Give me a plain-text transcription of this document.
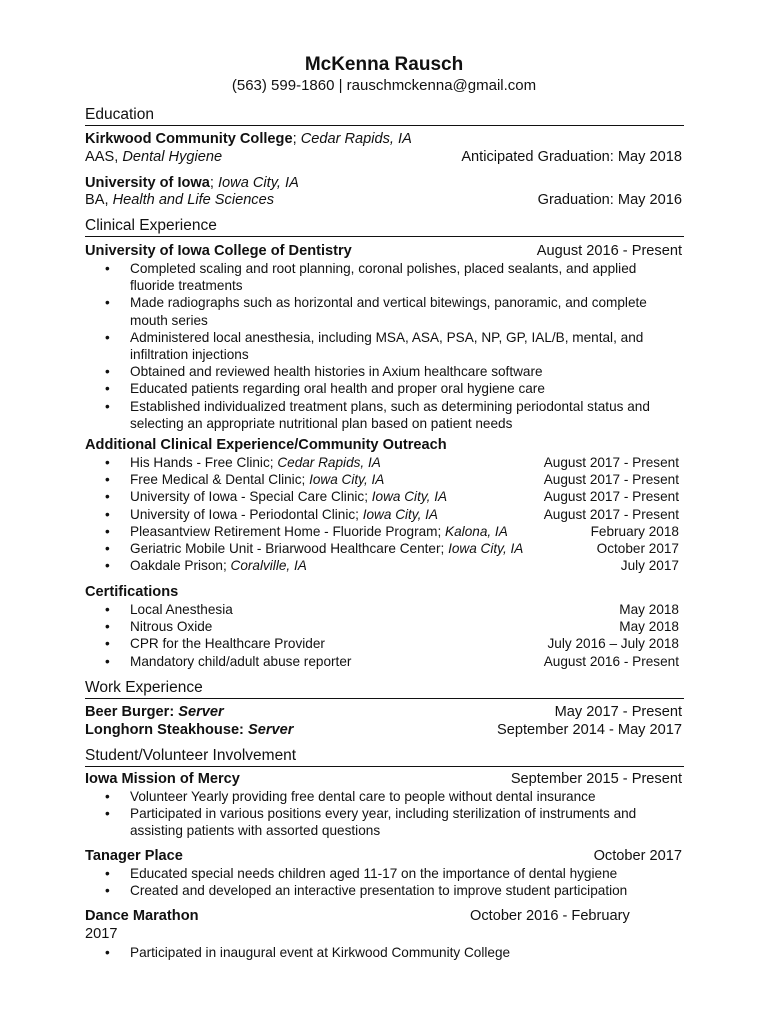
McKenna Rausch
(563) 599-1860 | rauschmckenna@gmail.com
Education
Kirkwood Community College; Cedar Rapids, IA
AAS, Dental Hygiene	Anticipated Graduation: May 2018
University of Iowa; Iowa City, IA
BA, Health and Life Sciences	Graduation: May 2016
Clinical Experience
University of Iowa College of Dentistry	August 2016 - Present
• Completed scaling and root planning, coronal polishes, placed sealants, and applied fluoride treatments
• Made radiographs such as horizontal and vertical bitewings, panoramic, and complete mouth series
• Administered local anesthesia, including MSA, ASA, PSA, NP, GP, IAL/B, mental, and infiltration injections
• Obtained and reviewed health histories in Axium healthcare software
• Educated patients regarding oral health and proper oral hygiene care
• Established individualized treatment plans, such as determining periodontal status and selecting an appropriate nutritional plan based on patient needs
Additional Clinical Experience/Community Outreach
• His Hands - Free Clinic; Cedar Rapids, IA	August 2017 - Present
• Free Medical & Dental Clinic; Iowa City, IA	August 2017 - Present
• University of Iowa - Special Care Clinic; Iowa City, IA	August 2017 - Present
• University of Iowa - Periodontal Clinic; Iowa City, IA	August 2017 - Present
• Pleasantview Retirement Home - Fluoride Program; Kalona, IA	February 2018
• Geriatric Mobile Unit - Briarwood Healthcare Center; Iowa City, IA	October 2017
• Oakdale Prison; Coralville, IA	July 2017
Certifications
• Local Anesthesia	May 2018
• Nitrous Oxide	May 2018
• CPR for the Healthcare Provider	July 2016 – July 2018
• Mandatory child/adult abuse reporter	August 2016 - Present
Work Experience
Beer Burger: Server	May 2017 - Present
Longhorn Steakhouse: Server	September 2014 - May 2017
Student/Volunteer Involvement
Iowa Mission of Mercy	September 2015 - Present
• Volunteer Yearly providing free dental care to people without dental insurance
• Participated in various positions every year, including sterilization of instruments and assisting patients with assorted questions
Tanager Place	October 2017
• Educated special needs children aged 11-17 on the importance of dental hygiene
• Created and developed an interactive presentation to improve student participation
Dance Marathon	October 2016 - February
2017
• Participated in inaugural event at Kirkwood Community College
